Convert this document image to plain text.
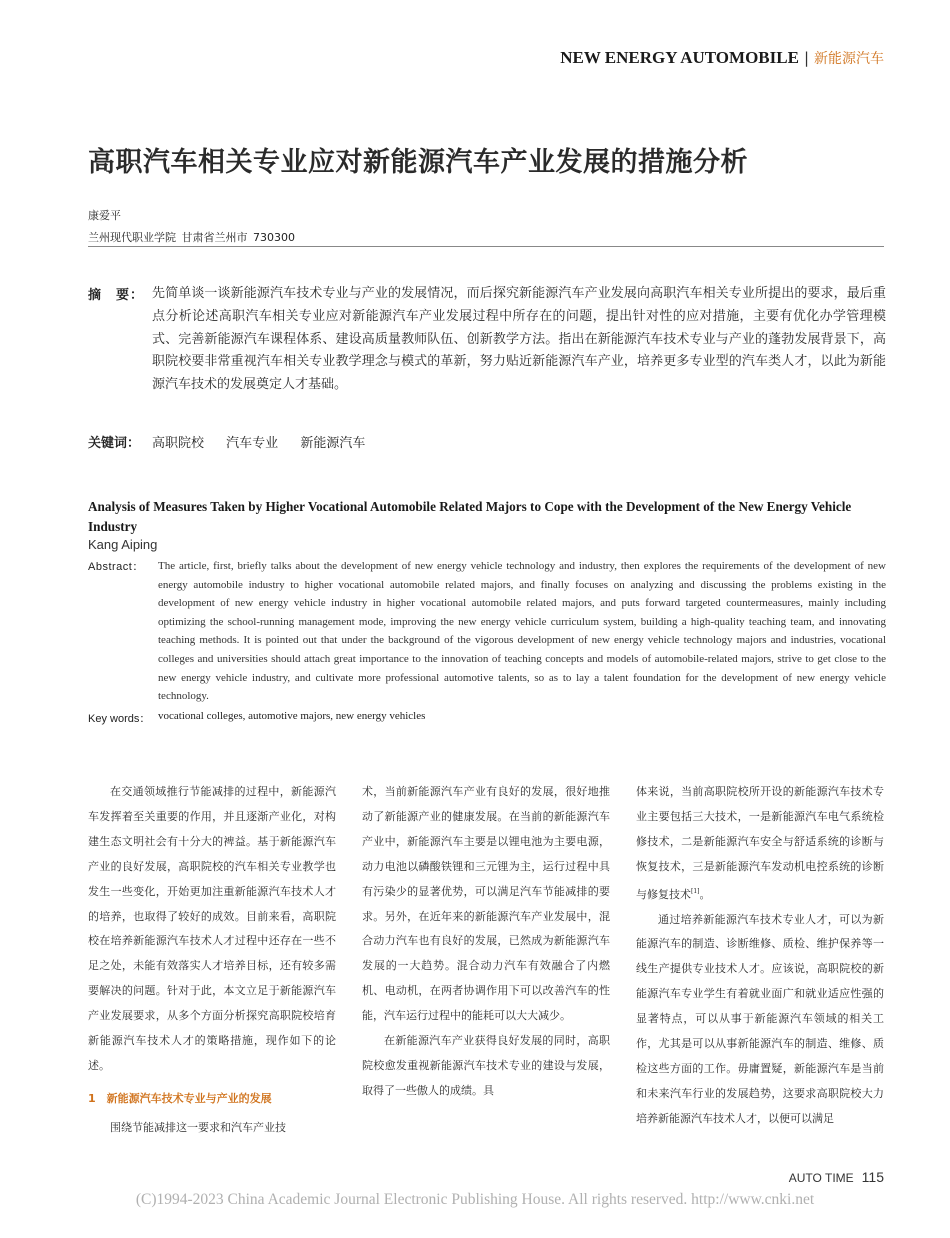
NEW ENERGY AUTOMOBILE | 新能源汽车
高职汽车相关专业应对新能源汽车产业发展的措施分析
康爱平
兰州现代职业学院 甘肃省兰州市 730300
摘　要： 先简单谈一谈新能源汽车技术专业与产业的发展情况，而后探究新能源汽车产业发展向高职汽车相关专业所提出的要求，最后重点分析论述高职汽车相关专业应对新能源汽车产业发展过程中所存在的问题，提出针对性的应对措施，主要有优化办学管理模式、完善新能源汽车课程体系、建设高质量教师队伍、创新教学方法。指出在新能源汽车技术专业与产业的蓬勃发展背景下，高职院校要非常重视汽车相关专业教学理念与模式的革新，努力贴近新能源汽车产业，培养更多专业型的汽车类人才，以此为新能源汽车技术的发展奠定人才基础。
关键词： 高职院校 汽车专业 新能源汽车
Analysis of Measures Taken by Higher Vocational Automobile Related Majors to Cope with the Development of the New Energy Vehicle Industry
Kang Aiping
Abstract： The article, first, briefly talks about the development of new energy vehicle technology and industry, then explores the requirements of the development of new energy automobile industry to higher vocational automobile related majors, and finally focuses on analyzing and discussing the problems existing in the development of new energy vehicle industry in higher vocational automobile related majors, and puts forward targeted countermeasures, mainly including optimizing the school-running management mode, improving the new energy vehicle curriculum system, building a high-quality teaching team, and innovating teaching methods. It is pointed out that under the background of the vigorous development of new energy vehicle technology majors and industries, vocational colleges and universities should attach great importance to the innovation of teaching concepts and models of automobile-related majors, strive to get close to the new energy vehicle industry, and cultivate more professional automotive talents, so as to lay a talent foundation for the development of new energy vehicle technology.
Key words： vocational colleges, automotive majors, new energy vehicles

在交通领域推行节能减排的过程中，新能源汽车发挥着至关重要的作用，并且逐渐产业化，对构建生态文明社会有十分大的裨益。基于新能源汽车产业的良好发展，高职院校的汽车相关专业教学也发生一些变化，开始更加注重新能源汽车技术人才的培养，也取得了较好的成效。目前来看，高职院校在培养新能源汽车技术人才过程中还存在一些不足之处，未能有效落实人才培养目标，还有较多需要解决的问题。针对于此，本文立足于新能源汽车产业发展要求，从多个方面分析探究高职院校培育新能源汽车技术人才的策略措施，现作如下的论述。

1　新能源汽车技术专业与产业的发展

围绕节能减排这一要求和汽车产业技

术，当前新能源汽车产业有良好的发展，很好地推动了新能源产业的健康发展。在当前的新能源汽车产业中，新能源汽车主要是以锂电池为主要电源，动力电池以磷酸铁锂和三元锂为主，运行过程中具有污染少的显著优势，可以满足汽车节能减排的要求。另外，在近年来的新能源汽车产业发展中，混合动力汽车也有良好的发展，已然成为新能源汽车发展的一大趋势。混合动力汽车有效融合了内燃机、电动机，在两者协调作用下可以改善汽车的性能，汽车运行过程中的能耗可以大大减少。

在新能源汽车产业获得良好发展的同时，高职院校愈发重视新能源汽车技术专业的建设与发展，取得了一些傲人的成绩。具

体来说，当前高职院校所开设的新能源汽车技术专业主要包括三大技术，一是新能源汽车电气系统检修技术，二是新能源汽车安全与舒适系统的诊断与恢复技术，三是新能源汽车发动机电控系统的诊断与修复技术[1]。

通过培养新能源汽车技术专业人才，可以为新能源汽车的制造、诊断维修、质检、维护保养等一线生产提供专业技术人才。应该说，高职院校的新能源汽车专业学生有着就业面广和就业适应性强的显著特点，可以从事于新能源汽车领域的相关工作，尤其是可以从事新能源汽车的制造、维修、质检这些方面的工作。毋庸置疑，新能源汽车是当前和未来汽车行业的发展趋势，这要求高职院校大力培养新能源汽车技术人才，以便可以满足

AUTO TIME 115
(C)1994-2023 China Academic Journal Electronic Publishing House. All rights reserved. http://www.cnki.net
